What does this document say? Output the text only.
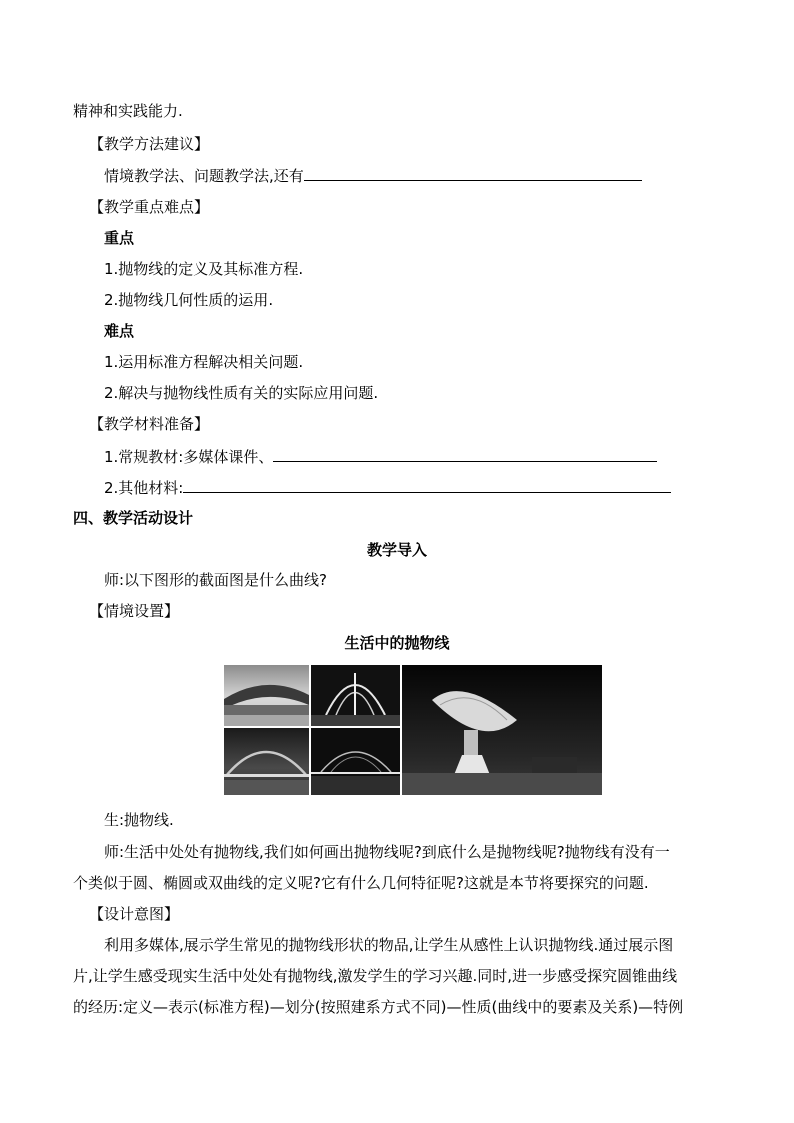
精神和实践能力.
【教学方法建议】
情境教学法、问题教学法,还有
【教学重点难点】
重点
1.抛物线的定义及其标准方程.
2.抛物线几何性质的运用.
难点
1.运用标准方程解决相关问题.
2.解决与抛物线性质有关的实际应用问题.
【教学材料准备】
1.常规教材:多媒体课件、
2.其他材料:
四、教学活动设计
教学导入
师:以下图形的截面图是什么曲线?
【情境设置】
生活中的抛物线
生:抛物线.
师:生活中处处有抛物线,我们如何画出抛物线呢?到底什么是抛物线呢?抛物线有没有一
个类似于圆、椭圆或双曲线的定义呢?它有什么几何特征呢?这就是本节将要探究的问题.
【设计意图】
利用多媒体,展示学生常见的抛物线形状的物品,让学生从感性上认识抛物线.通过展示图
片,让学生感受现实生活中处处有抛物线,激发学生的学习兴趣.同时,进一步感受探究圆锥曲线
的经历:定义—表示(标准方程)—划分(按照建系方式不同)—性质(曲线中的要素及关系)—特例
